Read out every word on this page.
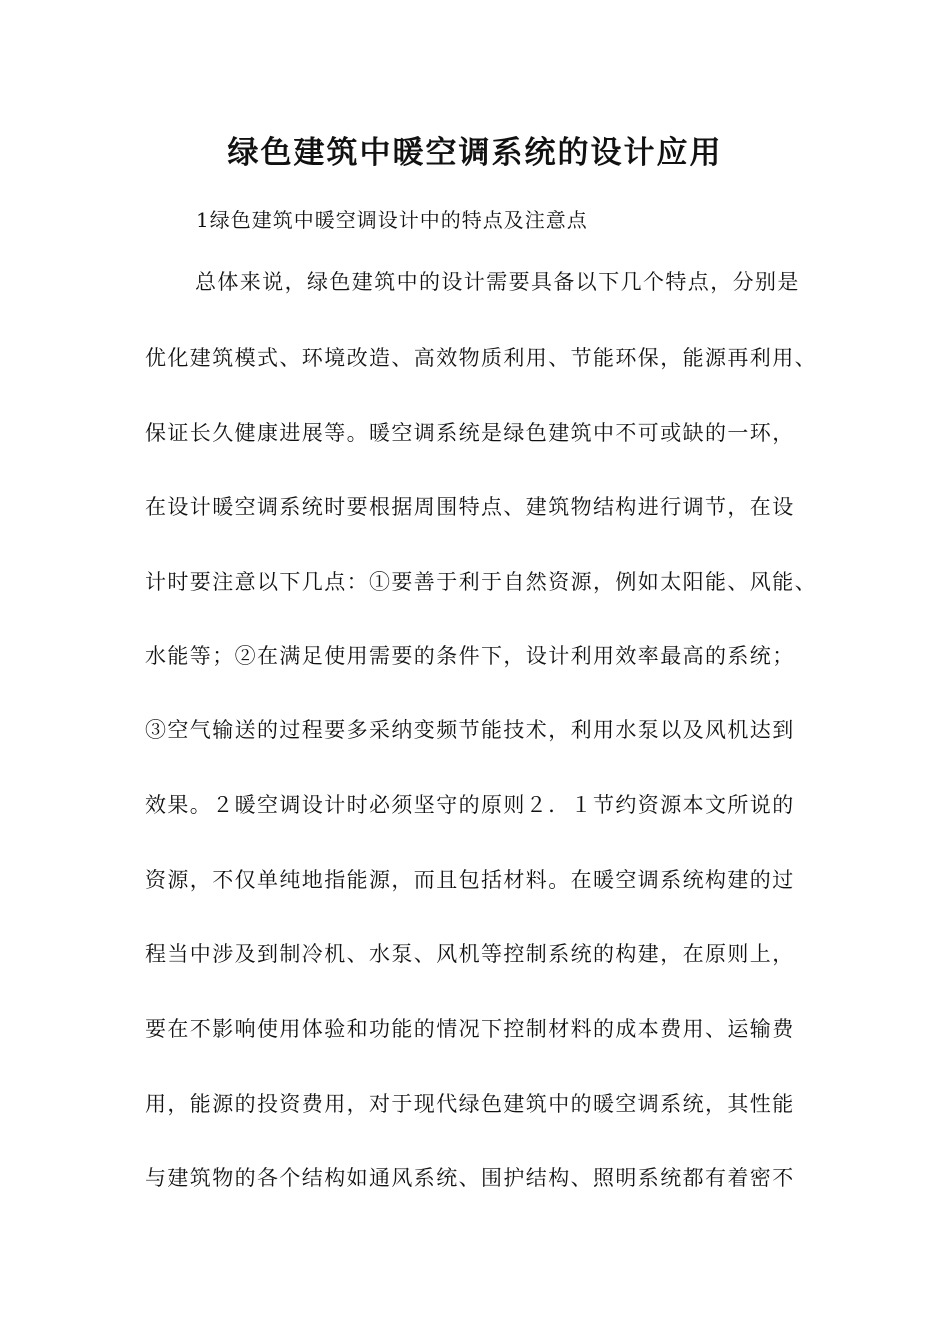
绿色建筑中暖空调系统的设计应用

1绿色建筑中暖空调设计中的特点及注意点

总体来说，绿色建筑中的设计需要具备以下几个特点，分别是

优化建筑模式、环境改造、高效物质利用、节能环保，能源再利用、

保证长久健康进展等。暖空调系统是绿色建筑中不可或缺的一环，

在设计暖空调系统时要根据周围特点、建筑物结构进行调节，在设

计时要注意以下几点：①要善于利于自然资源，例如太阳能、风能、

水能等；②在满足使用需要的条件下，设计利用效率最高的系统；

③空气输送的过程要多采纳变频节能技术，利用水泵以及风机达到

效果。２暖空调设计时必须坚守的原则２．１节约资源本文所说的

资源，不仅单纯地指能源，而且包括材料。在暖空调系统构建的过

程当中涉及到制冷机、水泵、风机等控制系统的构建，在原则上，

要在不影响使用体验和功能的情况下控制材料的成本费用、运输费

用，能源的投资费用，对于现代绿色建筑中的暖空调系统，其性能

与建筑物的各个结构如通风系统、围护结构、照明系统都有着密不
